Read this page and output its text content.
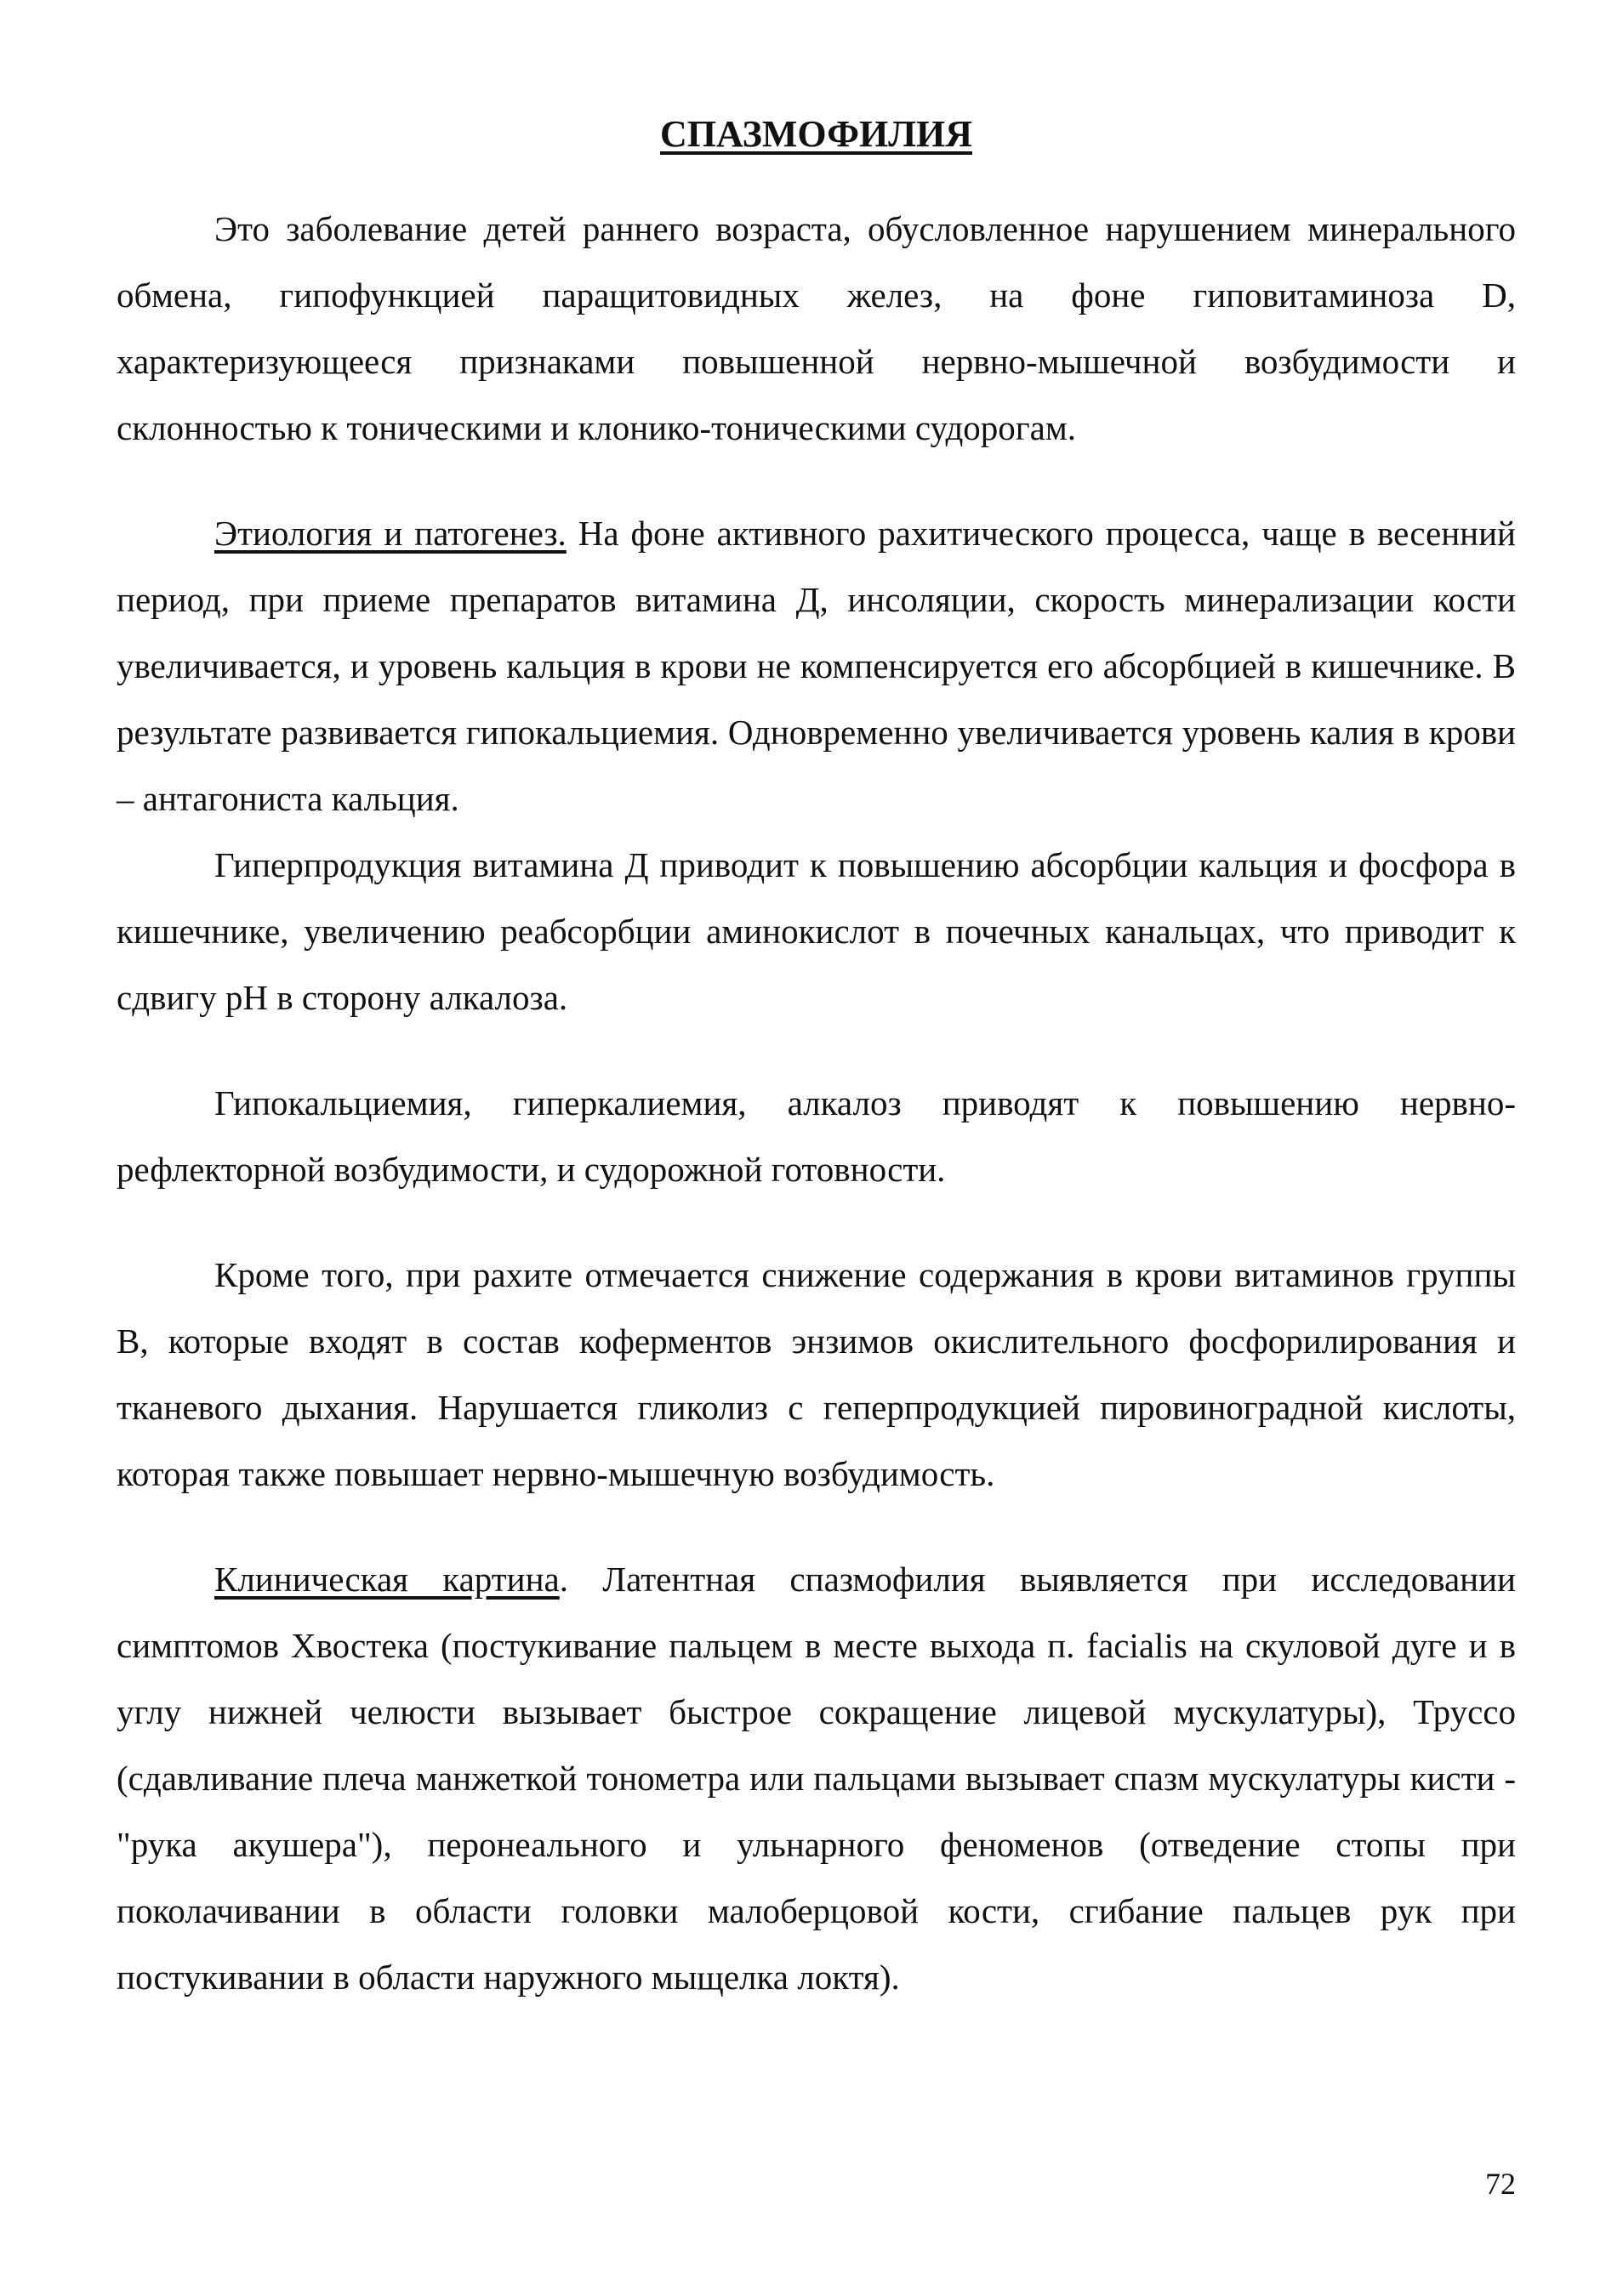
СПАЗМОФИЛИЯ

Это заболевание детей раннего возраста, обусловленное нарушением минерального обмена, гипофункцией паращитовидных желез, на фоне гиповитаминоза D, характеризующееся признаками повышенной нервно-мышечной возбудимости и склонностью к тоническими и клонико-тоническими судорогам.

Этиология и патогенез. На фоне активного рахитического процесса, чаще в весенний период, при приеме препаратов витамина Д, инсоляции, скорость минерализации кости увеличивается, и уровень кальция в крови не компенсируется его абсорбцией в кишечнике. В результате развивается гипокальциемия. Одновременно увеличивается уровень калия в крови – антагониста кальция.

Гиперпродукция витамина Д приводит к повышению абсорбции кальция и фосфора в кишечнике, увеличению реабсорбции аминокислот в почечных канальцах, что приводит к сдвигу pH в сторону алкалоза.

Гипокальциемия, гиперкалиемия, алкалоз приводят к повышению нервно-рефлекторной возбудимости, и судорожной готовности.

Кроме того, при рахите отмечается снижение содержания в крови витаминов группы В, которые входят в состав коферментов энзимов окислительного фосфорилирования и тканевого дыхания. Нарушается гликолиз с геперпродукцией пировиноградной кислоты, которая также повышает нервно-мышечную возбудимость.

Клиническая картина. Латентная спазмофилия выявляется при исследовании симптомов Хвостека (постукивание пальцем в месте выхода п. facialis на скуловой дуге и в углу нижней челюсти вызывает быстрое сокращение лицевой мускулатуры), Труссо (сдавливание плеча манжеткой тонометра или пальцами вызывает спазм мускулатуры кисти - "рука акушера"), перонеального и ульнарного феноменов (отведение стопы при поколачивании в области головки малоберцовой кости, сгибание пальцев рук при постукивании в области наружного мыщелка локтя).

72
